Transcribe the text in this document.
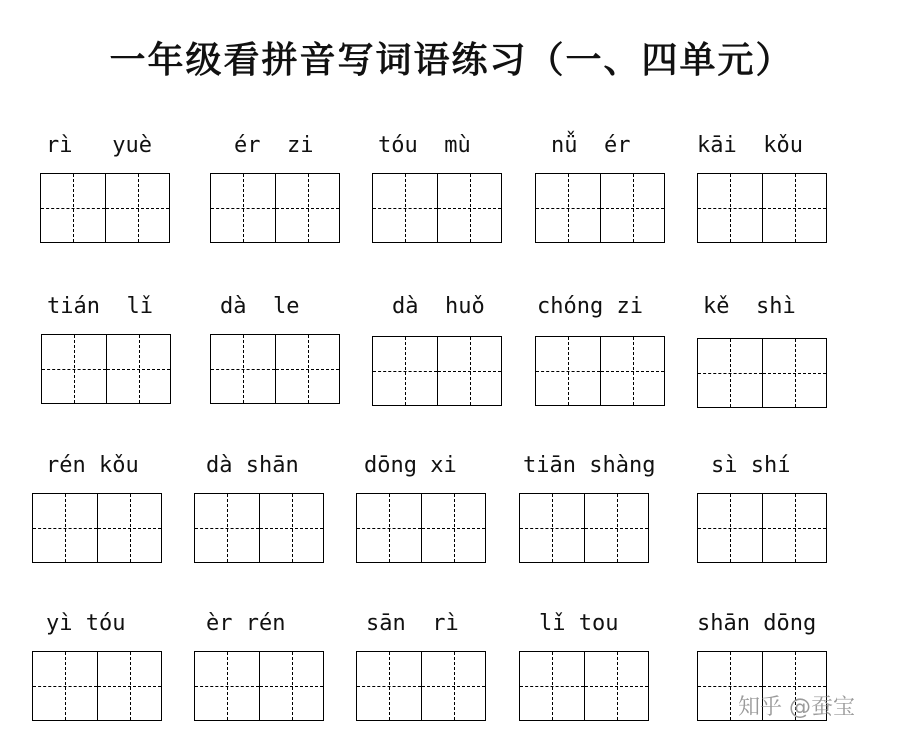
一年级看拼音写词语练习（一、四单元）
rì   yuè	ér  zi	tóu  mù	nǚ  ér	kāi  kǒu
tián  lǐ	dà  le	dà  huǒ	chóng zi	kě  shì
rén kǒu	dà shān	dōng xi	tiān shàng	sì shí
yì tóu	èr rén	sān  rì	lǐ tou	shān dōng
知乎 @蚕宝
